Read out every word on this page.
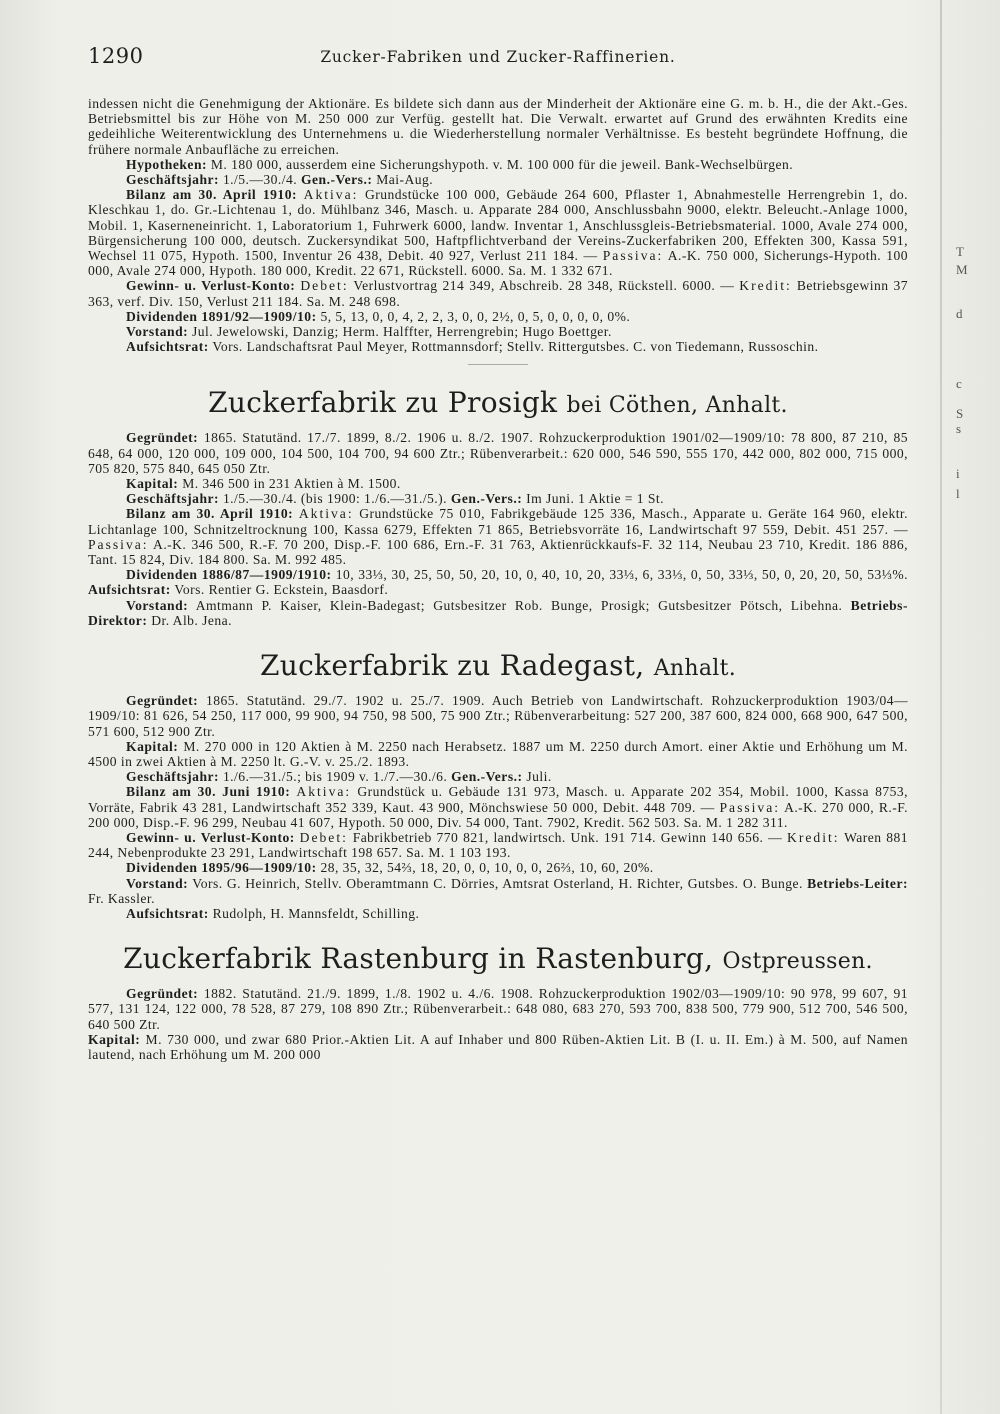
1290	Zucker-Fabriken und Zucker-Raffinerien.

indessen nicht die Genehmigung der Aktionäre. Es bildete sich dann aus der Minderheit der Aktionäre eine G. m. b. H., die der Akt.-Ges. Betriebsmittel bis zur Höhe von M. 250 000 zur Verfüg. gestellt hat. Die Verwalt. erwartet auf Grund des erwähnten Kredits eine gedeihliche Weiterentwicklung des Unternehmens u. die Wiederherstellung normaler Verhältnisse. Es besteht begründete Hoffnung, die frühere normale Anbaufläche zu erreichen.

Hypotheken: M. 180 000, ausserdem eine Sicherungshypoth. v. M. 100 000 für die jeweil. Bank-Wechselbürgen.

Geschäftsjahr: 1./5.—30./4. Gen.-Vers.: Mai-Aug.

Bilanz am 30. April 1910: Aktiva: Grundstücke 100 000, Gebäude 264 600, Pflaster 1, Abnahmestelle Herrengrebin 1, do. Kleschkau 1, do. Gr.-Lichtenau 1, do. Mühlbanz 346, Masch. u. Apparate 284 000, Anschlussbahn 9000, elektr. Beleucht.-Anlage 1000, Mobil. 1, Kaserneneinricht. 1, Laboratorium 1, Fuhrwerk 6000, landw. Inventar 1, Anschlussgleis-Betriebsmaterial. 1000, Avale 274 000, Bürgensicherung 100 000, deutsch. Zuckersyndikat 500, Haftpflichtverband der Vereins-Zuckerfabriken 200, Effekten 300, Kassa 591, Wechsel 11 075, Hypoth. 1500, Inventur 26 438, Debit. 40 927, Verlust 211 184. — Passiva: A.-K. 750 000, Sicherungs-Hypoth. 100 000, Avale 274 000, Hypoth. 180 000, Kredit. 22 671, Rückstell. 6000. Sa. M. 1 332 671.

Gewinn- u. Verlust-Konto: Debet: Verlustvortrag 214 349, Abschreib. 28 348, Rückstell. 6000. — Kredit: Betriebsgewinn 37 363, verf. Div. 150, Verlust 211 184. Sa. M. 248 698.

Dividenden 1891/92—1909/10: 5, 5, 13, 0, 0, 4, 2, 2, 3, 0, 0, 2½, 0, 5, 0, 0, 0, 0, 0%.

Vorstand: Jul. Jewelowski, Danzig; Herm. Halffter, Herrengrebin; Hugo Boettger.

Aufsichtsrat: Vors. Landschaftsrat Paul Meyer, Rottmannsdorf; Stellv. Rittergutsbes. C. von Tiedemann, Russoschin.

Zuckerfabrik zu Prosigk bei Cöthen, Anhalt.

Gegründet: 1865. Statutänd. 17./7. 1899, 8./2. 1906 u. 8./2. 1907. Rohzuckerproduktion 1901/02—1909/10: 78 800, 87 210, 85 648, 64 000, 120 000, 109 000, 104 500, 104 700, 94 600 Ztr.; Rübenverarbeit.: 620 000, 546 590, 555 170, 442 000, 802 000, 715 000, 705 820, 575 840, 645 050 Ztr.

Kapital: M. 346 500 in 231 Aktien à M. 1500.

Geschäftsjahr: 1./5.—30./4. (bis 1900: 1./6.—31./5.). Gen.-Vers.: Im Juni. 1 Aktie = 1 St.

Bilanz am 30. April 1910: Aktiva: Grundstücke 75 010, Fabrikgebäude 125 336, Masch., Apparate u. Geräte 164 960, elektr. Lichtanlage 100, Schnitzeltrocknung 100, Kassa 6279, Effekten 71 865, Betriebsvorräte 16, Landwirtschaft 97 559, Debit. 451 257. — Passiva: A.-K. 346 500, R.-F. 70 200, Disp.-F. 100 686, Ern.-F. 31 763, Aktienrückkaufs-F. 32 114, Neubau 23 710, Kredit. 186 886, Tant. 15 824, Div. 184 800. Sa. M. 992 485.

Dividenden 1886/87—1909/1910: 10, 33⅓, 30, 25, 50, 50, 20, 10, 0, 40, 10, 20, 33⅓, 6, 33⅓, 0, 50, 33⅓, 50, 0, 20, 20, 50, 53⅓%. Aufsichtsrat: Vors. Rentier G. Eckstein, Baasdorf.

Vorstand: Amtmann P. Kaiser, Klein-Badegast; Gutsbesitzer Rob. Bunge, Prosigk; Gutsbesitzer Pötsch, Libehna. Betriebs-Direktor: Dr. Alb. Jena.

Zuckerfabrik zu Radegast, Anhalt.

Gegründet: 1865. Statutänd. 29./7. 1902 u. 25./7. 1909. Auch Betrieb von Landwirtschaft. Rohzuckerproduktion 1903/04—1909/10: 81 626, 54 250, 117 000, 99 900, 94 750, 98 500, 75 900 Ztr.; Rübenverarbeitung: 527 200, 387 600, 824 000, 668 900, 647 500, 571 600, 512 900 Ztr.

Kapital: M. 270 000 in 120 Aktien à M. 2250 nach Herabsetz. 1887 um M. 2250 durch Amort. einer Aktie und Erhöhung um M. 4500 in zwei Aktien à M. 2250 lt. G.-V. v. 25./2. 1893.

Geschäftsjahr: 1./6.—31./5.; bis 1909 v. 1./7.—30./6. Gen.-Vers.: Juli.

Bilanz am 30. Juni 1910: Aktiva: Grundstück u. Gebäude 131 973, Masch. u. Apparate 202 354, Mobil. 1000, Kassa 8753, Vorräte, Fabrik 43 281, Landwirtschaft 352 339, Kaut. 43 900, Mönchswiese 50 000, Debit. 448 709. — Passiva: A.-K. 270 000, R.-F. 200 000, Disp.-F. 96 299, Neubau 41 607, Hypoth. 50 000, Div. 54 000, Tant. 7902, Kredit. 562 503. Sa. M. 1 282 311.

Gewinn- u. Verlust-Konto: Debet: Fabrikbetrieb 770 821, landwirtsch. Unk. 191 714. Gewinn 140 656. — Kredit: Waren 881 244, Nebenprodukte 23 291, Landwirtschaft 198 657. Sa. M. 1 103 193.

Dividenden 1895/96—1909/10: 28, 35, 32, 54⅔, 18, 20, 0, 0, 10, 0, 0, 26⅔, 10, 60, 20%.

Vorstand: Vors. G. Heinrich, Stellv. Oberamtmann C. Dörries, Amtsrat Osterland, H. Richter, Gutsbes. O. Bunge. Betriebs-Leiter: Fr. Kassler.

Aufsichtsrat: Rudolph, H. Mannsfeldt, Schilling.

Zuckerfabrik Rastenburg in Rastenburg, Ostpreussen.

Gegründet: 1882. Statutänd. 21./9. 1899, 1./8. 1902 u. 4./6. 1908. Rohzuckerproduktion 1902/03—1909/10: 90 978, 99 607, 91 577, 131 124, 122 000, 78 528, 87 279, 108 890 Ztr.; Rübenverarbeit.: 648 080, 683 270, 593 700, 838 500, 779 900, 512 700, 546 500, 640 500 Ztr.

Kapital: M. 730 000, und zwar 680 Prior.-Aktien Lit. A auf Inhaber und 800 Rüben-Aktien Lit. B (I. u. II. Em.) à M. 500, auf Namen lautend, nach Erhöhung um M. 200 000

T
M
d
c
S
s
i
l
